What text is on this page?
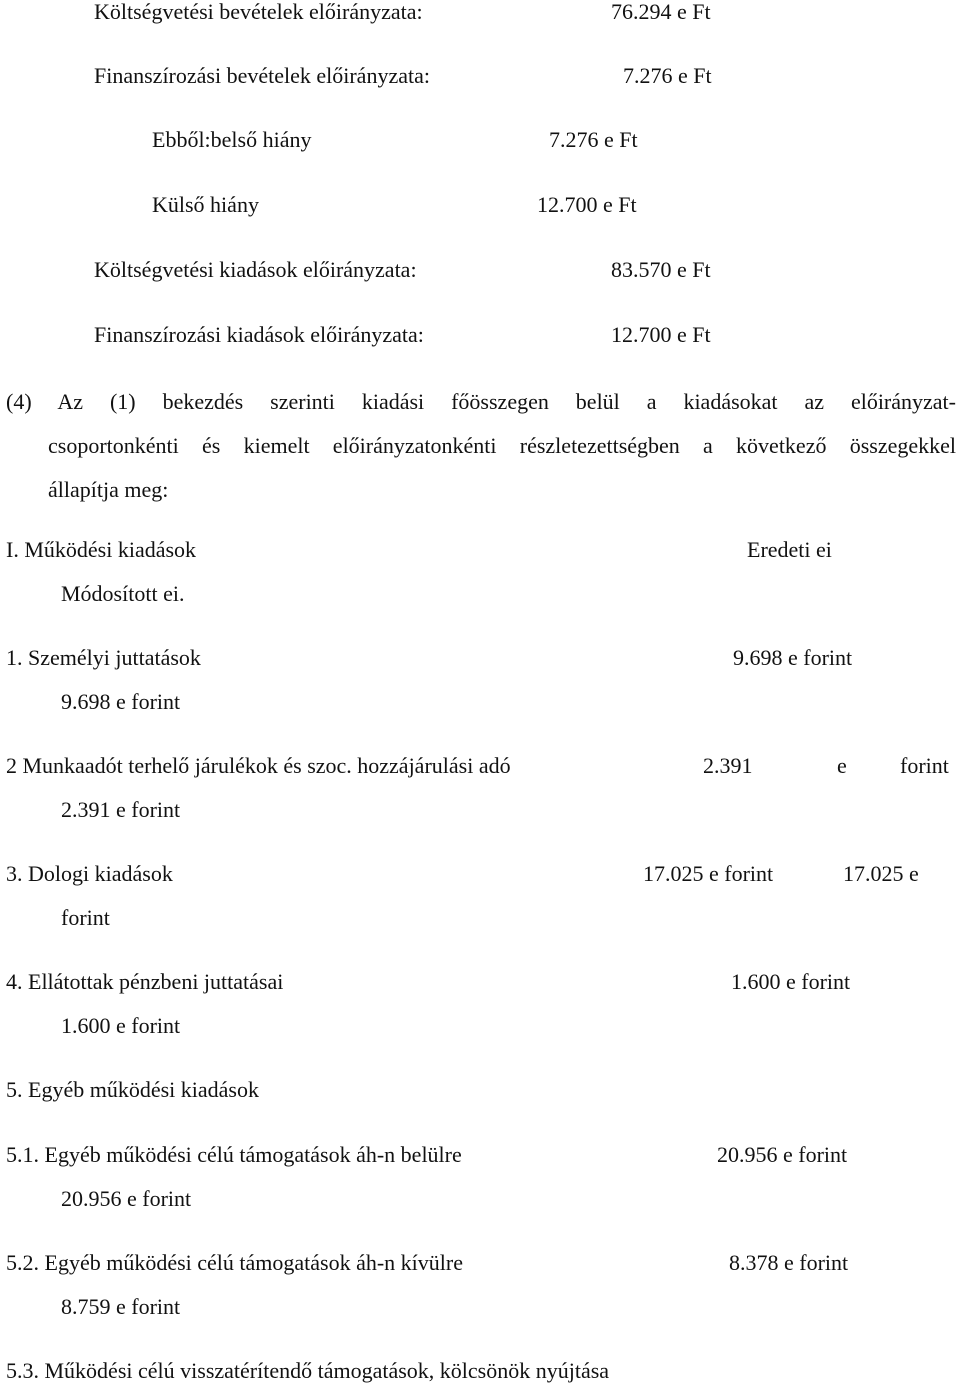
Költségvetési bevételek előirányzata:	76.294 e Ft
Finanszírozási bevételek előirányzata:	7.276 e Ft
Ebből:belső hiány	7.276 e Ft
Külső hiány	12.700 e Ft
Költségvetési kiadások előirányzata:	83.570 e Ft
Finanszírozási kiadások előirányzata:	12.700 e Ft
(4) Az (1) bekezdés szerinti kiadási főösszegen belül a kiadásokat az előirányzat-
csoportonkénti és kiemelt előirányzatonkénti részletezettségben a következő összegekkel
állapítja meg:
I. Működési kiadások	Eredeti ei
Módosított ei.
1. Személyi juttatások	9.698 e forint
9.698 e forint
2 Munkaadót terhelő járulékok és szoc. hozzájárulási adó	2.391	e forint
2.391 e forint
3. Dologi kiadások	17.025 e forint	17.025 e
forint
4. Ellátottak pénzbeni juttatásai	1.600 e forint
1.600 e forint
5. Egyéb működési kiadások
5.1. Egyéb működési célú támogatások áh-n belülre	20.956 e forint
20.956 e forint
5.2. Egyéb működési célú támogatások áh-n kívülre	8.378 e forint
8.759 e forint
5.3. Működési célú visszatérítendő támogatások, kölcsönök nyújtása
